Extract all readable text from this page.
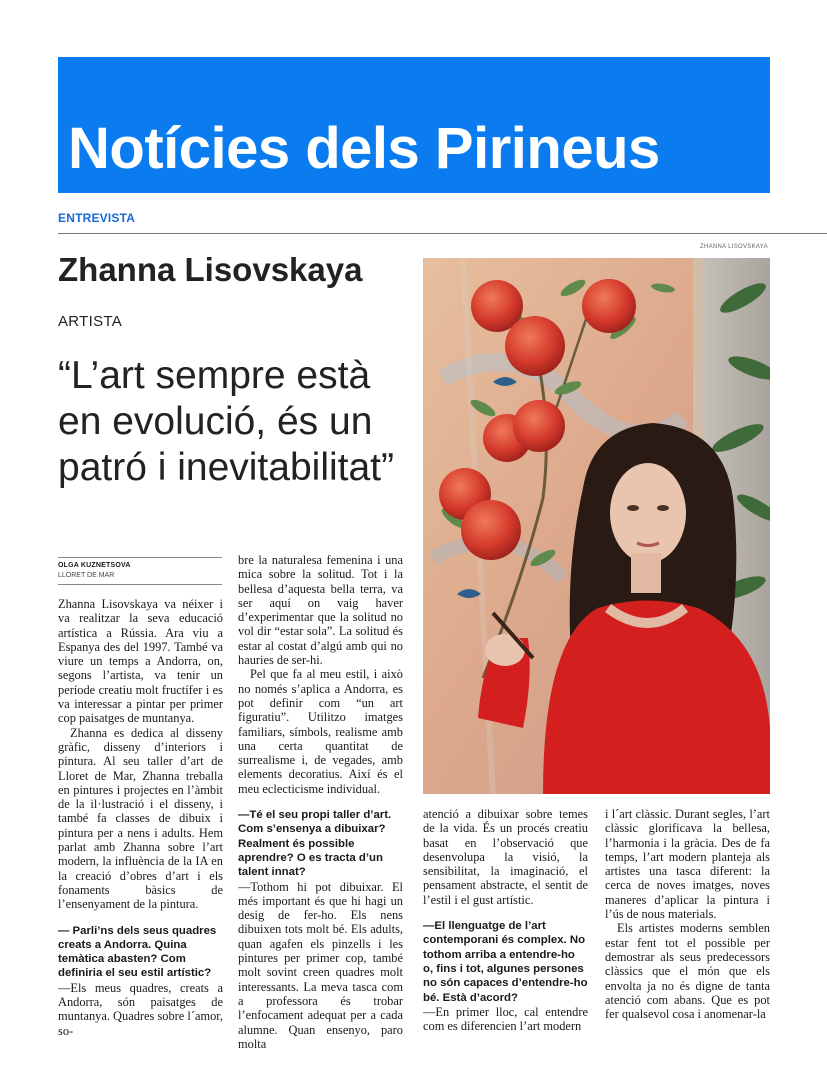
Notícies dels Pirineus
ENTREVISTA
ZHANNA LISOVSKAYA
Zhanna Lisovskaya
ARTISTA
“L’art sempre està en evolució, és un patró i inevitabilitat”
OLGA KUZNETSOVA
LLORET DE MAR

Zhanna Lisovskaya va néixer i va realitzar la seva educació artística a Rússia. Ara viu a Espanya des del 1997. També va viure un temps a Andorra, on, segons l’artista, va tenir un període creatiu molt fructífer i es va interessar a pintar per primer cop paisatges de muntanya.

Zhanna es dedica al disseny gràfic, disseny d’interiors i pintura. Al seu taller d’art de Lloret de Mar, Zhanna treballa en pintures i projectes en l’àmbit de la il·lustració i el disseny, i també fa classes de dibuix i pintura per a nens i adults. Hem parlat amb Zhanna sobre l’art modern, la influència de la IA en la creació d’obres d’art i els fonaments bàsics de l’ensenyament de la pintura.

— Parli’ns dels seus quadres creats a Andorra. Quina temàtica abasten? Com definiria el seu estil artístic?

—Els meus quadres, creats a Andorra, són paisatges de muntanya. Quadres sobre l´amor, so-

bre la naturalesa femenina i una mica sobre la solitud. Tot i la bellesa d’aquesta bella terra, va ser aquí on vaig haver d’experimentar que la solitud no vol dir “estar sola”. La solitud és estar al costat d’algú amb qui no hauries de ser-hi.

Pel que fa al meu estil, i això no només s’aplica a Andorra, es pot definir com “un art figuratiu”. Utilitzo imatges familiars, símbols, realisme amb una certa quantitat de surrealisme i, de vegades, amb elements decoratius. Així és el meu eclecticisme individual.

—Té el seu propi taller d’art. Com s’ensenya a dibuixar? Realment és possible aprendre? O es tracta d’un talent innat?

—Tothom hi pot dibuixar. El més important és que hi hagi un desig de fer-ho. Els nens dibuixen tots molt bé. Els adults, quan agafen els pinzells i les pintures per primer cop, també molt sovint creen quadres molt interessants. La meva tasca com a professora és trobar l’enfocament adequat per a cada alumne. Quan ensenyo, paro molta

atenció a dibuixar sobre temes de la vida. És un procés creatiu basat en l’observació que desenvolupa la visió, la sensibilitat, la imaginació, el pensament abstracte, el sentit de l’estil i el gust artístic.

—El llenguatge de l’art contemporani és complex. No tothom arriba a entendre-ho o, fins i tot, algunes persones no són capaces d’entendre-ho bé. Està d’acord?

—En primer lloc, cal entendre com es diferencien l’art modern

i l´art clàssic. Durant segles, l’art clàssic glorificava la bellesa, l’harmonia i la gràcia. Des de fa temps, l’art modern planteja als artistes una tasca diferent: la cerca de noves imatges, noves maneres d’aplicar la pintura i l’ús de nous materials.

Els artistes moderns semblen estar fent tot el possible per demostrar als seus predecessors clàssics que el món que els envolta ja no és digne de tanta atenció com abans. Que es pot fer qualsevol cosa i anomenar-la
